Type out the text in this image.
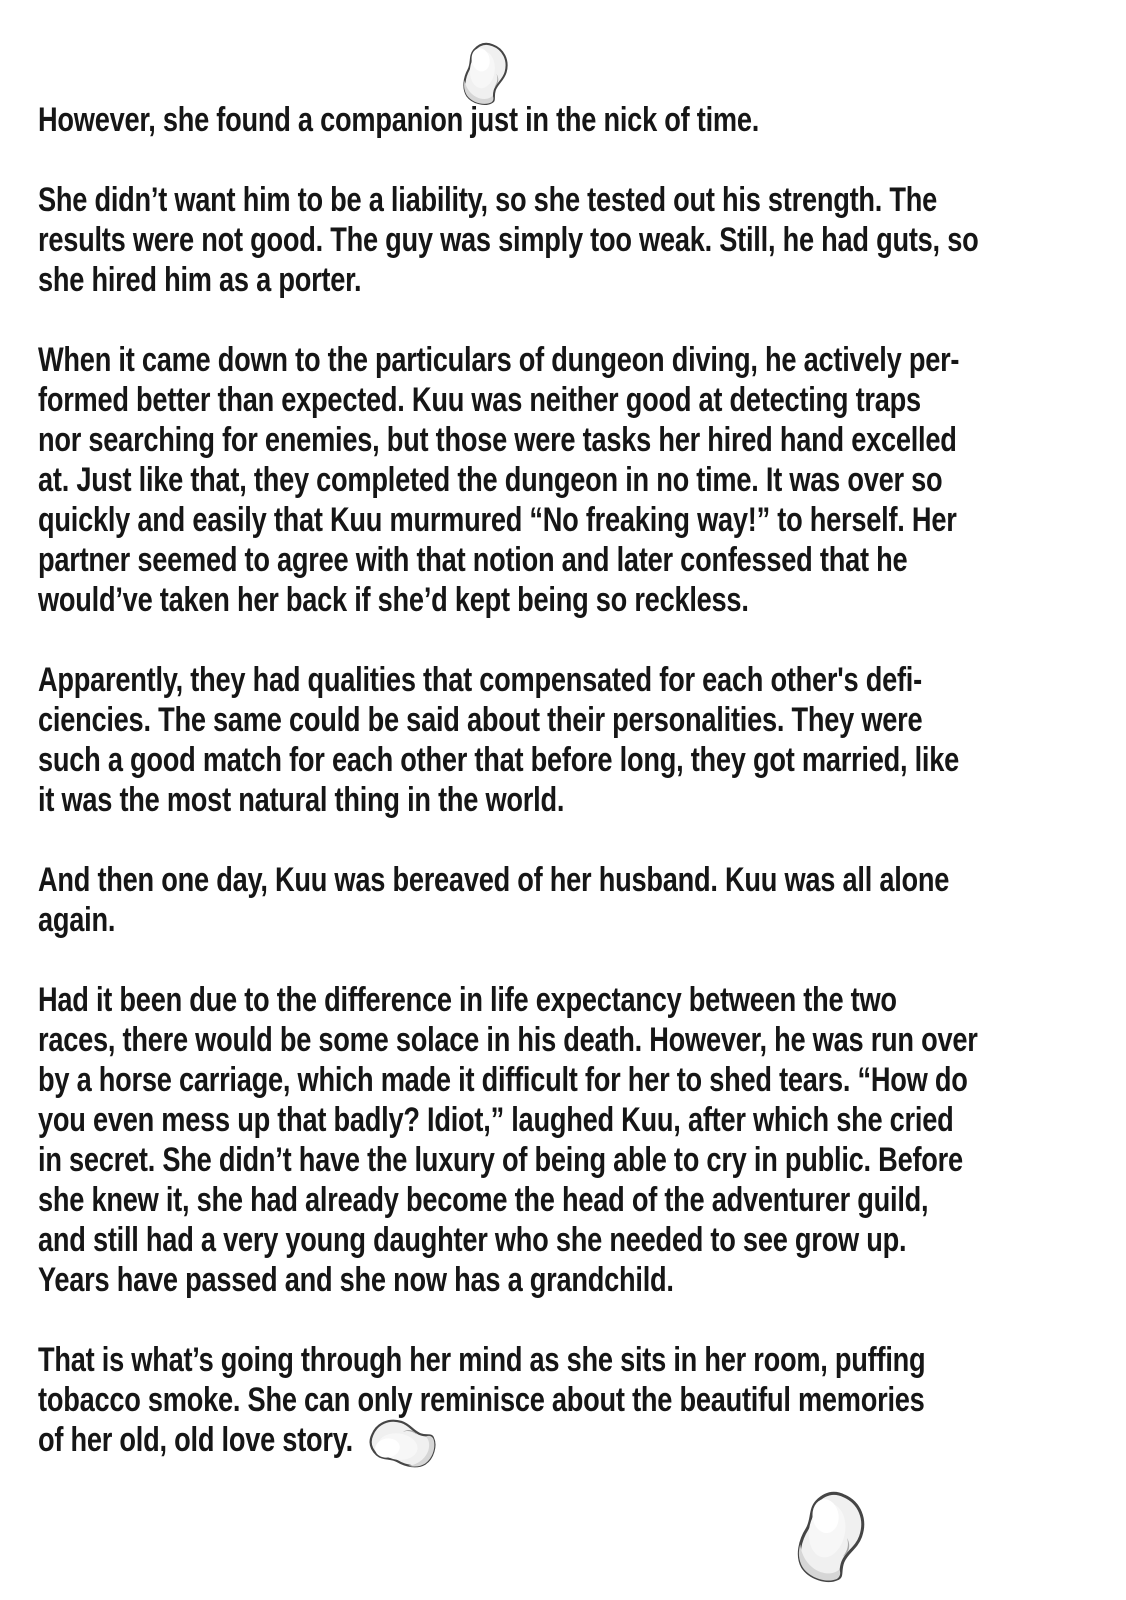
However, she found a companion just in the nick of time.

She didn’t want him to be a liability, so she tested out his strength. The
results were not good. The guy was simply too weak. Still, he had guts, so
she hired him as a porter.

When it came down to the particulars of dungeon diving, he actively per-
formed better than expected. Kuu was neither good at detecting traps
nor searching for enemies, but those were tasks her hired hand excelled
at. Just like that, they completed the dungeon in no time. It was over so
quickly and easily that Kuu murmured “No freaking way!” to herself. Her
partner seemed to agree with that notion and later confessed that he
would’ve taken her back if she’d kept being so reckless.

Apparently, they had qualities that compensated for each other's defi-
ciencies. The same could be said about their personalities. They were
such a good match for each other that before long, they got married, like
it was the most natural thing in the world.

And then one day, Kuu was bereaved of her husband. Kuu was all alone
again.

Had it been due to the difference in life expectancy between the two
races, there would be some solace in his death. However, he was run over
by a horse carriage, which made it difficult for her to shed tears. “How do
you even mess up that badly? Idiot,” laughed Kuu, after which she cried
in secret. She didn’t have the luxury of being able to cry in public. Before
she knew it, she had already become the head of the adventurer guild,
and still had a very young daughter who she needed to see grow up.
Years have passed and she now has a grandchild.

That is what’s going through her mind as she sits in her room, puffing
tobacco smoke. She can only reminisce about the beautiful memories
of her old, old love story.
